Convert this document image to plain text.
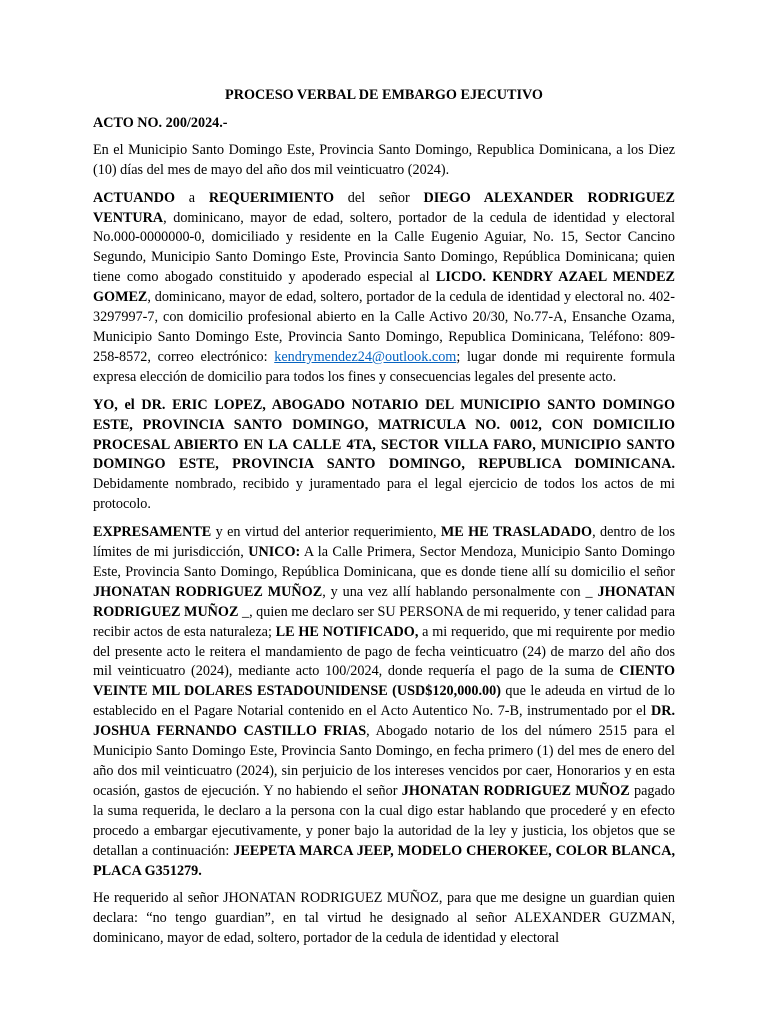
PROCESO VERBAL DE EMBARGO EJECUTIVO
ACTO NO. 200/2024.-

En el Municipio Santo Domingo Este, Provincia Santo Domingo, Republica Dominicana, a los Diez (10) días del mes de mayo del año dos mil veinticuatro (2024).

ACTUANDO a REQUERIMIENTO del señor DIEGO ALEXANDER RODRIGUEZ VENTURA, dominicano, mayor de edad, soltero, portador de la cedula de identidad y electoral No.000-0000000-0, domiciliado y residente en la Calle Eugenio Aguiar, No. 15, Sector Cancino Segundo, Municipio Santo Domingo Este, Provincia Santo Domingo, República Dominicana; quien tiene como abogado constituido y apoderado especial al LICDO. KENDRY AZAEL MENDEZ GOMEZ, dominicano, mayor de edad, soltero, portador de la cedula de identidad y electoral no. 402-3297997-7, con domicilio profesional abierto en la Calle Activo 20/30, No.77-A, Ensanche Ozama, Municipio Santo Domingo Este, Provincia Santo Domingo, Republica Dominicana, Teléfono: 809-258-8572, correo electrónico: kendrymendez24@outlook.com; lugar donde mi requirente formula expresa elección de domicilio para todos los fines y consecuencias legales del presente acto.

YO, el DR. ERIC LOPEZ, ABOGADO NOTARIO DEL MUNICIPIO SANTO DOMINGO ESTE, PROVINCIA SANTO DOMINGO, MATRICULA NO. 0012, CON DOMICILIO PROCESAL ABIERTO EN LA CALLE 4TA, SECTOR VILLA FARO, MUNICIPIO SANTO DOMINGO ESTE, PROVINCIA SANTO DOMINGO, REPUBLICA DOMINICANA. Debidamente nombrado, recibido y juramentado para el legal ejercicio de todos los actos de mi protocolo.

EXPRESAMENTE y en virtud del anterior requerimiento, ME HE TRASLADADO, dentro de los límites de mi jurisdicción, UNICO: A la Calle Primera, Sector Mendoza, Municipio Santo Domingo Este, Provincia Santo Domingo, República Dominicana, que es donde tiene allí su domicilio el señor JHONATAN RODRIGUEZ MUÑOZ, y una vez allí hablando personalmente con _ JHONATAN RODRIGUEZ MUÑOZ _, quien me declaro ser SU PERSONA de mi requerido, y tener calidad para recibir actos de esta naturaleza; LE HE NOTIFICADO, a mi requerido, que mi requirente por medio del presente acto le reitera el mandamiento de pago de fecha veinticuatro (24) de marzo del año dos mil veinticuatro (2024), mediante acto 100/2024, donde requería el pago de la suma de CIENTO VEINTE MIL DOLARES ESTADOUNIDENSE (USD$120,000.00) que le adeuda en virtud de lo establecido en el Pagare Notarial contenido en el Acto Autentico No. 7-B, instrumentado por el DR. JOSHUA FERNANDO CASTILLO FRIAS, Abogado notario de los del número 2515 para el Municipio Santo Domingo Este, Provincia Santo Domingo, en fecha primero (1) del mes de enero del año dos mil veinticuatro (2024), sin perjuicio de los intereses vencidos por caer, Honorarios y en esta ocasión, gastos de ejecución. Y no habiendo el señor JHONATAN RODRIGUEZ MUÑOZ pagado la suma requerida, le declaro a la persona con la cual digo estar hablando que procederé y en efecto procedo a embargar ejecutivamente, y poner bajo la autoridad de la ley y justicia, los objetos que se detallan a continuación: JEEPETA MARCA JEEP, MODELO CHEROKEE, COLOR BLANCA, PLACA G351279.

He requerido al señor JHONATAN RODRIGUEZ MUÑOZ, para que me designe un guardian quien declara: “no tengo guardian”, en tal virtud he designado al señor ALEXANDER GUZMAN, dominicano, mayor de edad, soltero, portador de la cedula de identidad y electoral
